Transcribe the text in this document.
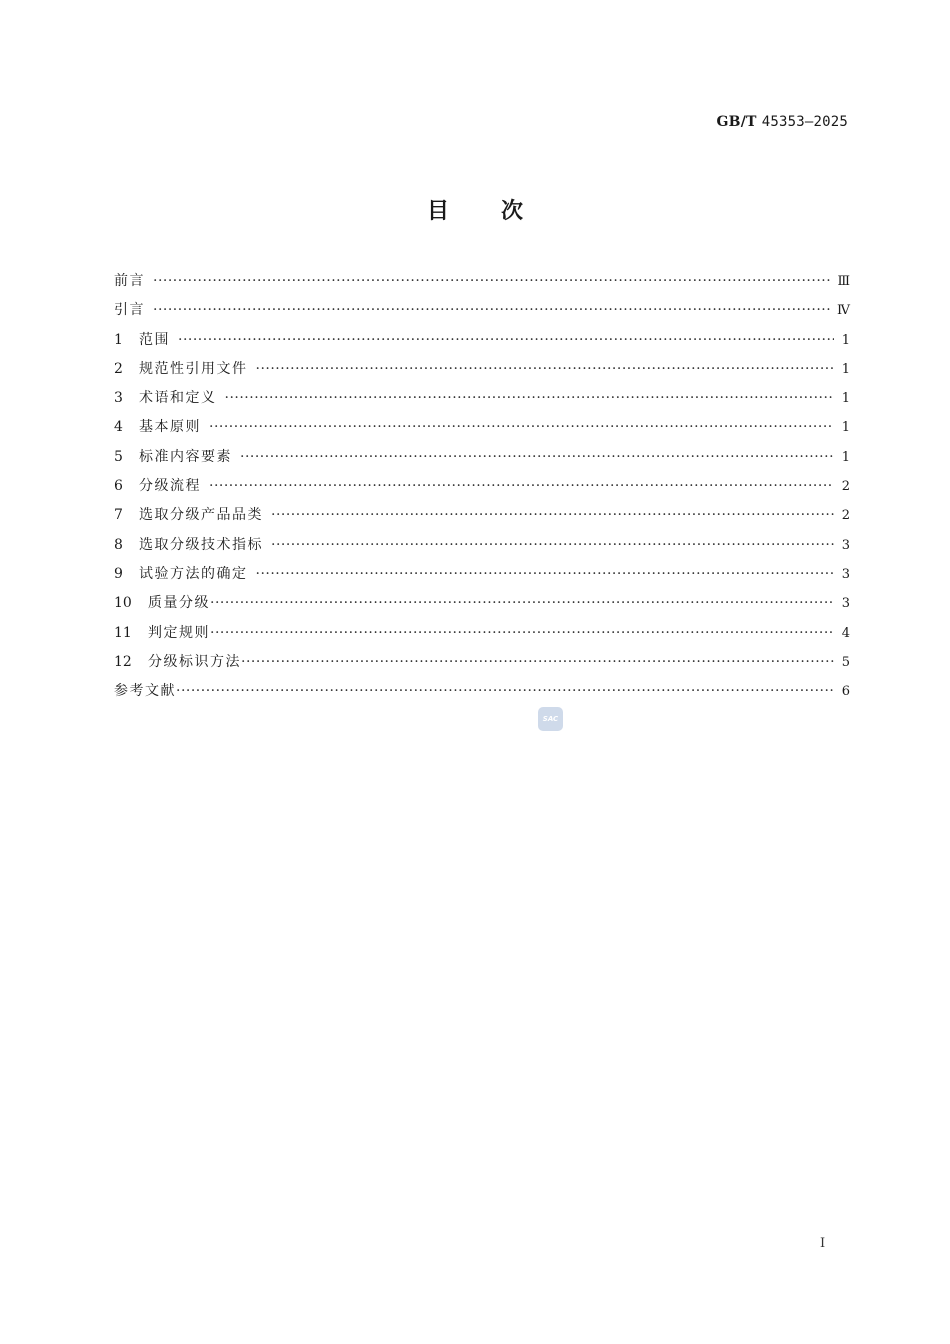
GB/T 45353—2025
目次
前言 ·····	Ⅲ
引言 ·····	Ⅳ
1	范围 ·····	1
2	规范性引用文件 ·····	1
3	术语和定义 ·····	1
4	基本原则 ·····	1
5	标准内容要素 ·····	1
6	分级流程 ·····	2
7	选取分级产品品类 ·····	2
8	选取分级技术指标 ·····	3
9	试验方法的确定 ·····	3
10	质量分级 ·····	3
11	判定规则 ·····	4
12	分级标识方法 ·····	5
参考文献 ·····	6
SAC
I
